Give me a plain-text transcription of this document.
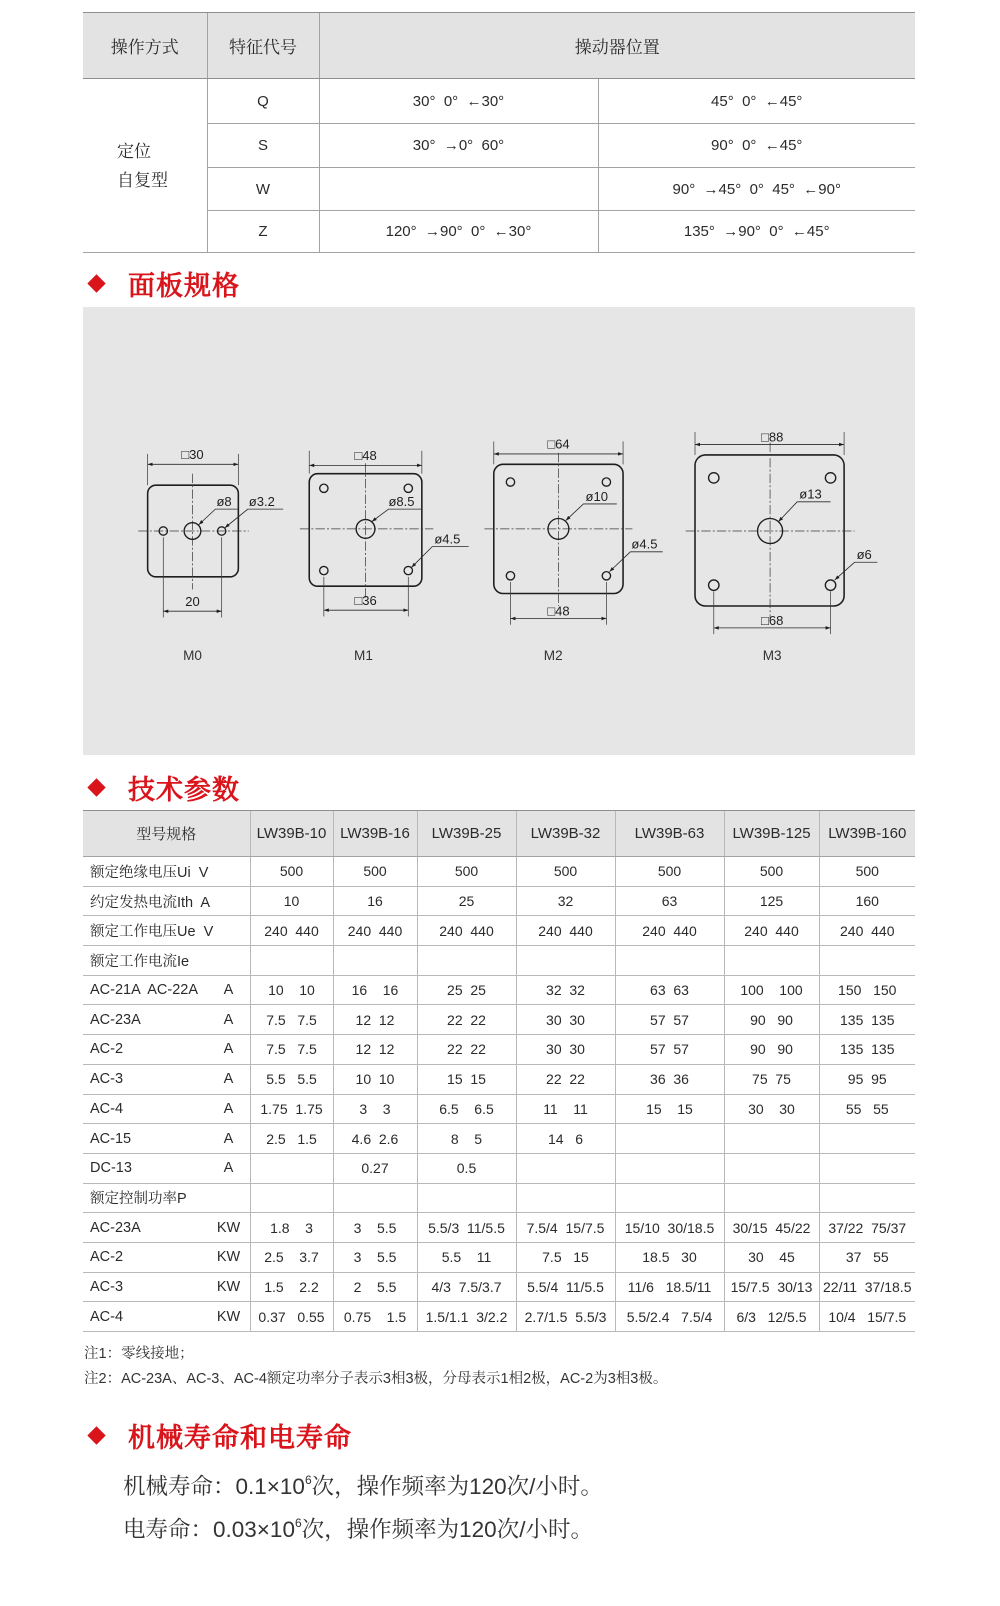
操作方式	特征代号	操动器位置	

定位
自复型	Q	30°  0°  ←30°	45°  0°  ←45°
	S	30°  →0°  60°	90°  0°  ←45°
	W		90°  →45°  0°  45°  ←90°
	Z	120°  →90°  0°  ←30°	135°  →90°  0°  ←45°
面板规格
□30
20
ø8 ø3.2
M0
□48
□36
ø8.5
ø4.5
M1
□64
□48
ø10
ø4.5
M2
□88
□68
ø13
ø6
M3
技术参数
型号规格	LW39B-10	LW39B-16	LW39B-25	LW39B-32	LW39B-63	LW39B-125	LW39B-160

额定绝缘电压Ui  V	500	500	500	500	500	500	500

约定发热电流Ith  A	10	16	25	32	63	125	160

额定工作电压Ue  V	240  440	240  440	240  440	240  440	240  440	240  440	240  440

额定工作电流Ie							

AC-21A  AC-22A A	10    10	16    16	25  25	32  32	63  63	100    100	150   150

AC-23A A	7.5   7.5	12  12	22  22	30  30	57  57	90   90	135  135

AC-2 A	7.5   7.5	12  12	22  22	30  30	57  57	90   90	135  135

AC-3 A	5.5   5.5	10  10	15  15	22  22	36  36	75  75	95  95

AC-4 A	1.75  1.75	3    3	6.5    6.5	11    11	15    15	30    30	55   55

AC-15 A	2.5   1.5	4.6  2.6	8    5	14   6			

DC-13 A		0.27	0.5				

额定控制功率P							

AC-23A KW	1.8    3	3    5.5	5.5/3  11/5.5	7.5/4  15/7.5	15/10  30/18.5	30/15  45/22	37/22  75/37

AC-2 KW	2.5    3.7	3    5.5	5.5    11	7.5   15	18.5   30	30    45	37   55

AC-3 KW	1.5    2.2	2    5.5	4/3  7.5/3.7	5.5/4  11/5.5	11/6   18.5/11	15/7.5  30/13	22/11  37/18.5

AC-4 KW	0.37   0.55	0.75    1.5	1.5/1.1  3/2.2	2.7/1.5  5.5/3	5.5/2.4   7.5/4	6/3   12/5.5	10/4   15/7.5

注1：零线接地；

注2：AC-23A、AC-3、AC-4额定功率分子表示3相3极，分母表示1相2极，AC-2为3相3极。

机械寿命和电寿命

机械寿命：$0.1\times 10^6$次，操作频率为120次/小时。

电寿命：$0.03\times 10^6$次，操作频率为120次/小时。
